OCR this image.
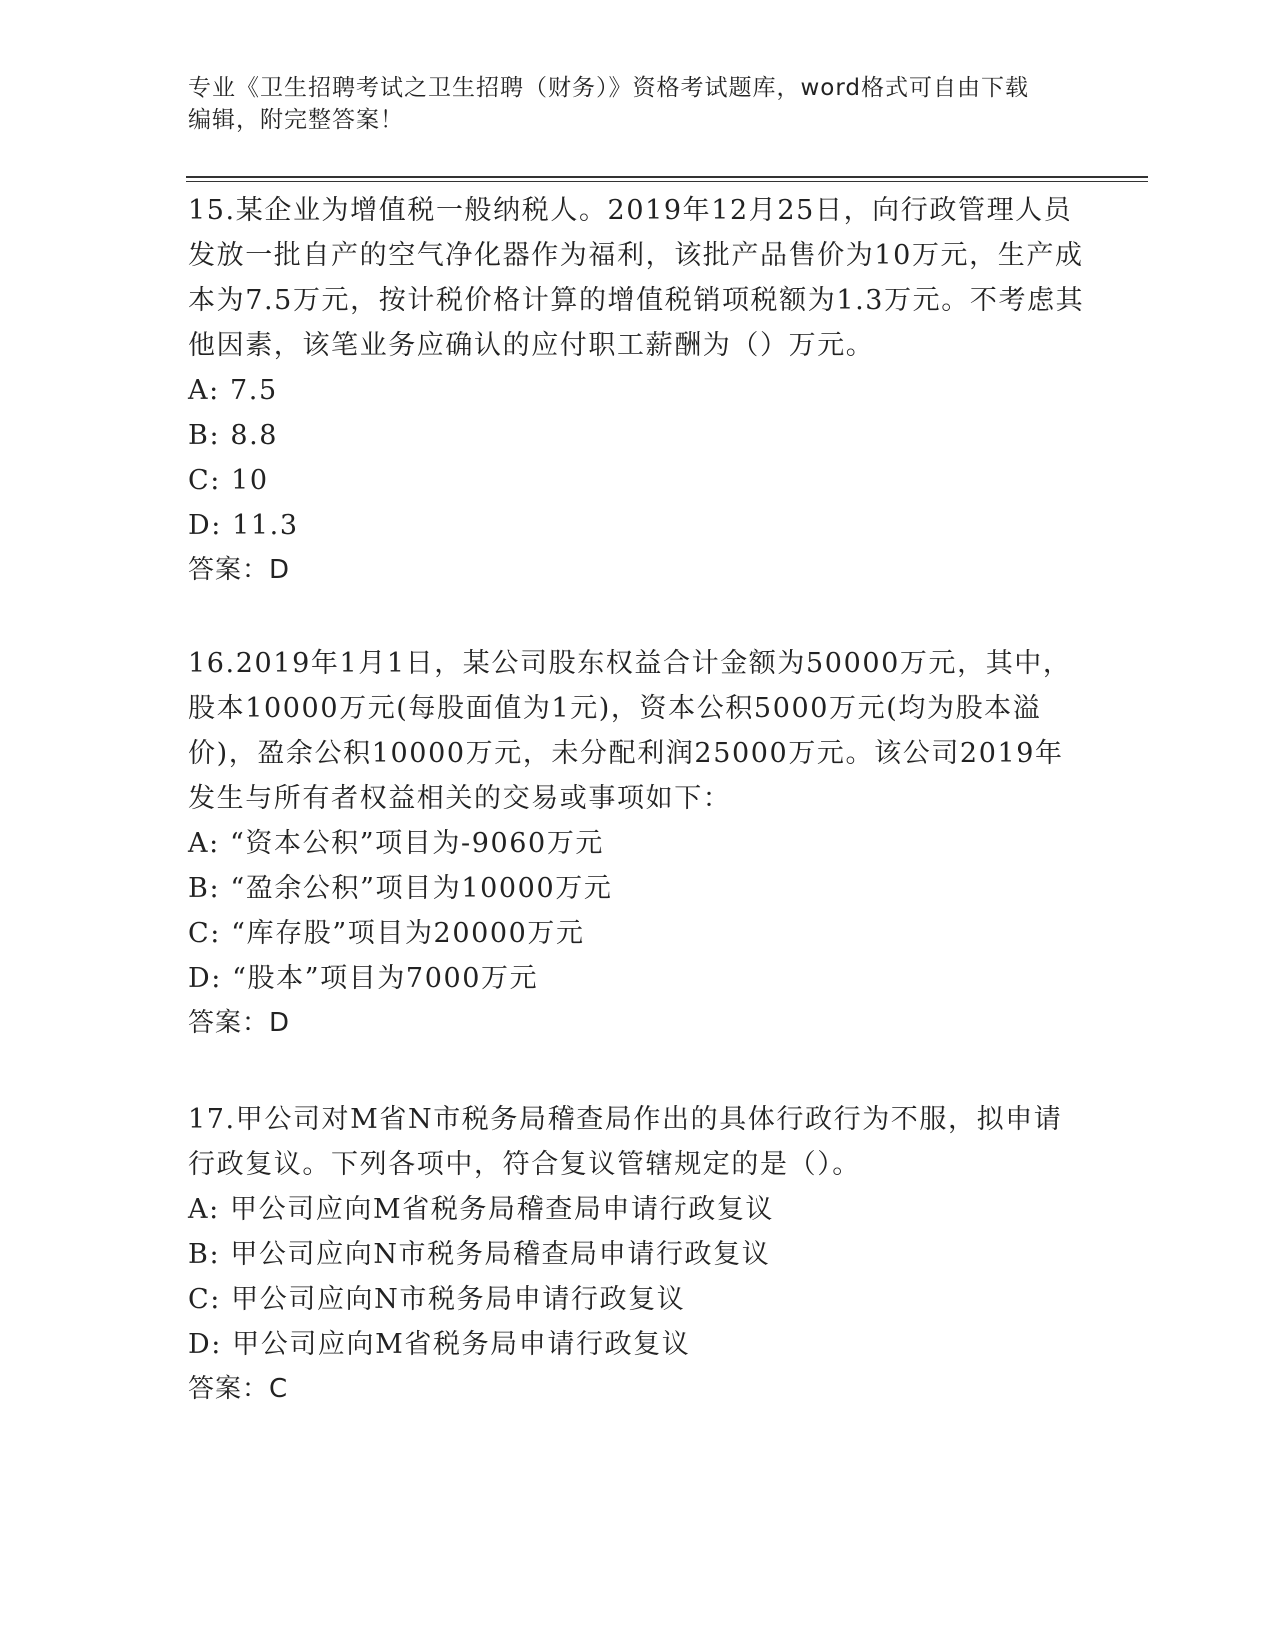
专业《卫生招聘考试之卫生招聘（财务）》资格考试题库，word格式可自由下载
编辑，附完整答案！

15.某企业为增值税一般纳税人。2019年12月25日，向行政管理人员发放一批自产的空气净化器作为福利，该批产品售价为10万元，生产成本为7.5万元，按计税价格计算的增值税销项税额为1.3万元。不考虑其他因素，该笔业务应确认的应付职工薪酬为（）万元。

A: 7.5

B: 8.8

C: 10

D: 11.3

答案：D

16.2019年1月1日，某公司股东权益合计金额为50000万元，其中，股本10000万元(每股面值为1元)，资本公积5000万元(均为股本溢价)，盈余公积10000万元，未分配利润25000万元。该公司2019年发生与所有者权益相关的交易或事项如下：

A: “资本公积”项目为-9060万元

B: “盈余公积”项目为10000万元

C: “库存股”项目为20000万元

D: “股本”项目为7000万元

答案：D

17.甲公司对M省N市税务局稽查局作出的具体行政行为不服，拟申请行政复议。下列各项中，符合复议管辖规定的是（）。

A: 甲公司应向M省税务局稽查局申请行政复议

B: 甲公司应向N市税务局稽查局申请行政复议

C: 甲公司应向N市税务局申请行政复议

D: 甲公司应向M省税务局申请行政复议

答案：C
